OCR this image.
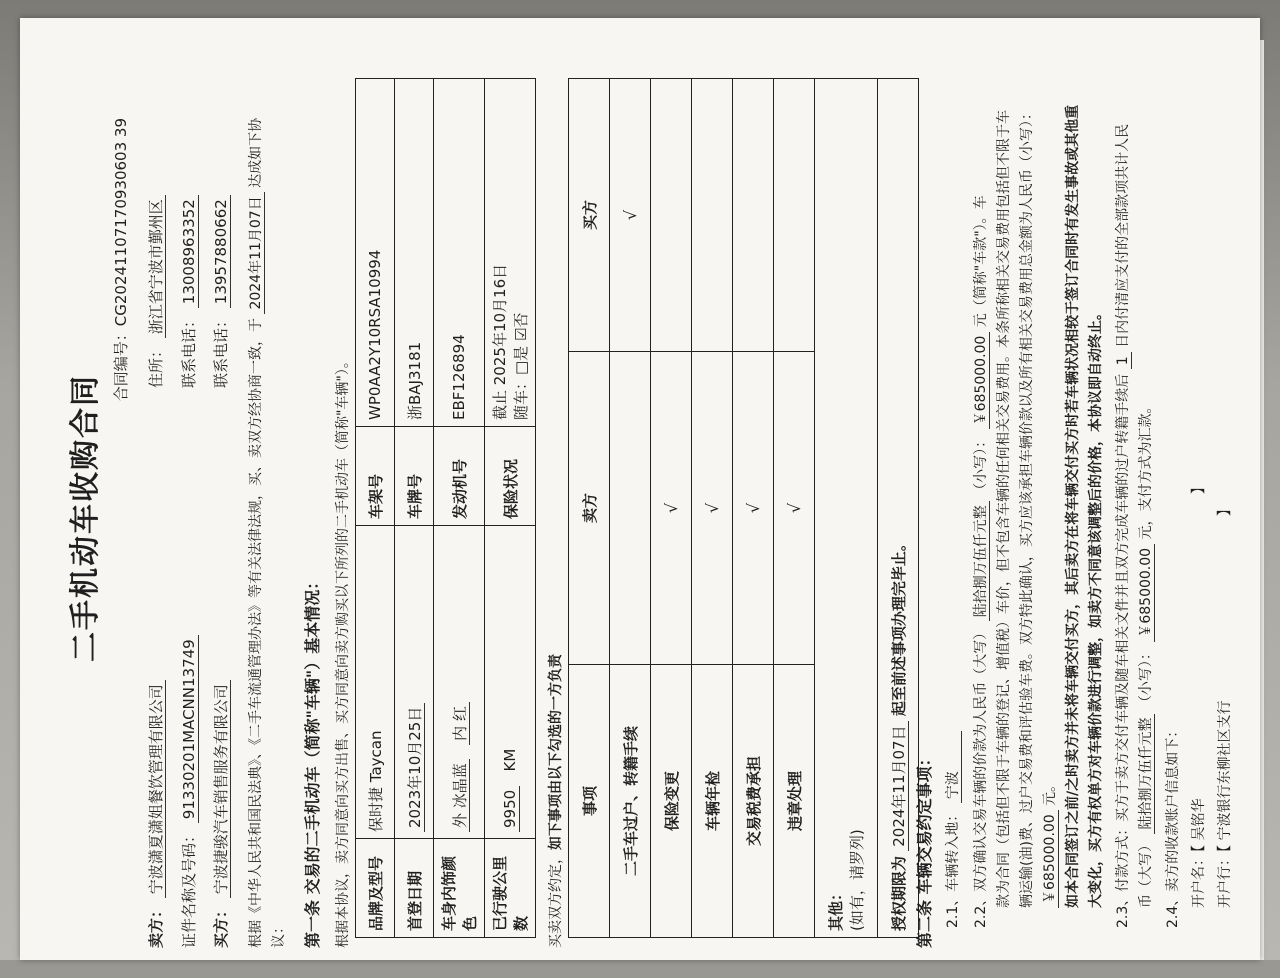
二手机动车收购合同
合同编号：CG20241107170930603 39
卖方： 宁波潇夏潇姐餐饮管理有限公司
住所： 浙江省宁波市鄞州区
证件名称及号码： 91330201MACNN13749
联系电话： 13008963352
买方： 宁波捷骏汽车销售服务有限公司
联系电话： 13957880662
根据《中华人民共和国民法典》、《二手车流通管理办法》等有关法律法规，买、卖双方经协商一致，于 2024年11月07日 达成如下协
议： 第一条 交易的二手机动车（简称"车辆"）基本情况： 根据本协议，卖方同意向买方出售、买方同意向卖方购买以下所列的二手机动车（简称"车辆"）。 品牌及型号	保时捷 Taycan	车架号	WP0AA2Y10RSA10994
首登日期	2023年10月25日	车牌号	浙BAJ3181
车身内饰颜色	外 冰晶蓝   内 红	发动机号	EBF126894
已行驶公里数	9950   KM	保险状况	截止 2025年10月16日 随车：□是 ☑否
买卖双方约定，如下事项由以下勾选的一方负责 事项	卖方	买方
二手车过户、转籍手续		√
保险变更	√	
车辆年检	√	
交易税费承担	√	
违章处理	√	

其他： (如有，请罗列)		

授权期限为 2024年11月07日 起至前述事项办理完毕止。		
第二条 车辆交易约定事项： 2.1、车辆转入地： 宁波 2.2、双方确认交易车辆的价款为人民币（大写） 陆拾捌万伍仟元整 （小写）： ￥685000.00 元（简称"车款"）。车 款为合同（包括但不限于车辆的登记、增值税）车价，但不包含车辆的任何相关交易费用。本条所称相关交易费用包括但不限于车 辆运输(油)费、过户交易费和评估验车费。双方特此确认，买方应该承担车辆价款以及所有相关交易费用总金额为人民币（小写）： ￥685000.00 元。 如本合同签订之前/之时卖方并未将车辆交付买方，其后卖方在将车辆交付买方时若车辆状况相较于签订合同时有发生事故或其他重 大变化，买方有权单方对车辆价款进行调整，如卖方不同意该调整后的价格，本协议即自动终止。 2.3、付款方式：买方于卖方交付车辆及随车相关文件并且双方完成车辆的过户转籍手续后 1 日内付清应支付的全部款项共计人民
币（大写） 陆拾捌万伍仟元整 （小写）： ￥685000.00 元，支付方式为汇款。
2.4、卖方的收款账户信息如下： 开户名：【 吴铭华 】
开户行：【 宁波银行东柳社区支行 】
